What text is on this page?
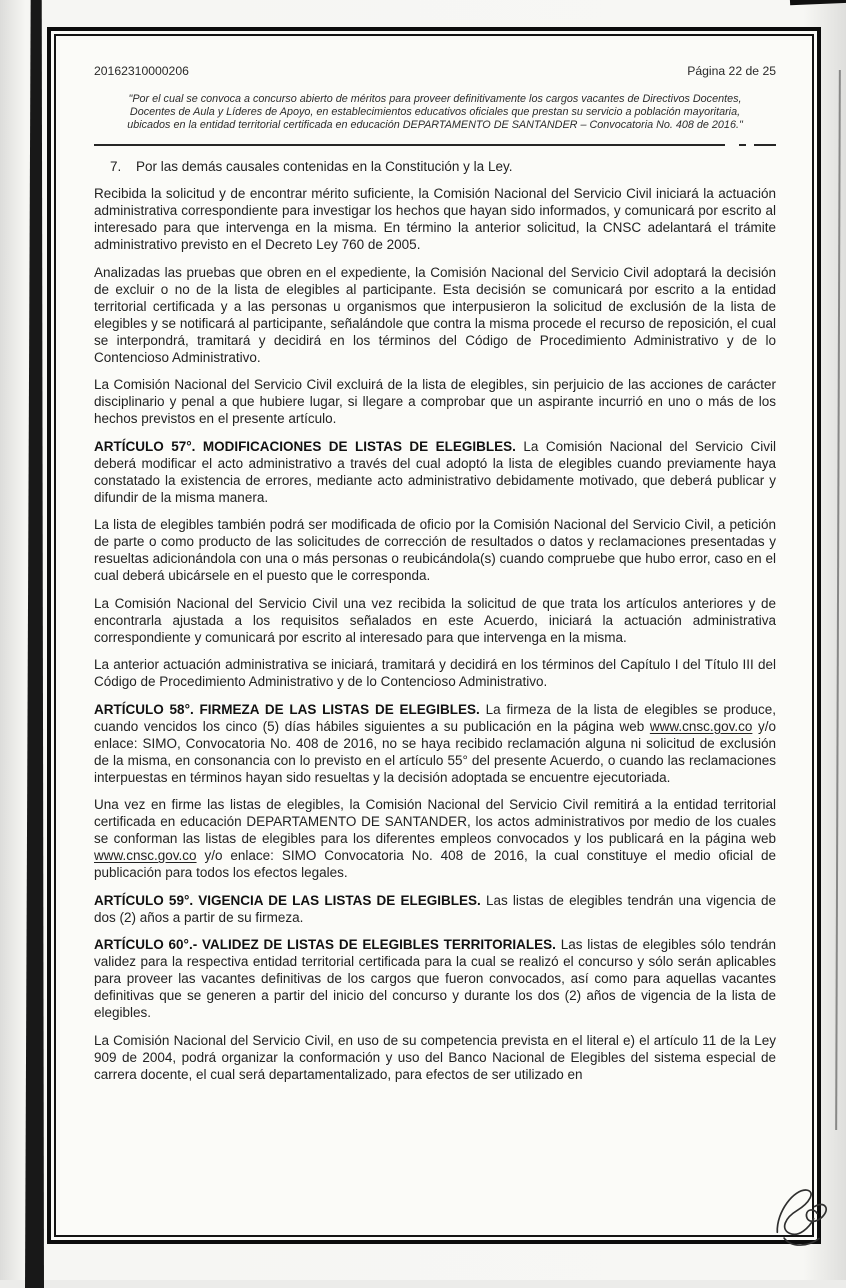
20162310000206	Página 22 de 25
"Por el cual se convoca a concurso abierto de méritos para proveer definitivamente los cargos vacantes de Directivos Docentes, Docentes de Aula y Líderes de Apoyo, en establecimientos educativos oficiales que prestan su servicio a población mayoritaria, ubicados en la entidad territorial certificada en educación DEPARTAMENTO DE SANTANDER – Convocatoria No. 408 de 2016."

7. Por las demás causales contenidas en la Constitución y la Ley.

Recibida la solicitud y de encontrar mérito suficiente, la Comisión Nacional del Servicio Civil iniciará la actuación administrativa correspondiente para investigar los hechos que hayan sido informados, y comunicará por escrito al interesado para que intervenga en la misma. En término la anterior solicitud, la CNSC adelantará el trámite administrativo previsto en el Decreto Ley 760 de 2005.

Analizadas las pruebas que obren en el expediente, la Comisión Nacional del Servicio Civil adoptará la decisión de excluir o no de la lista de elegibles al participante. Esta decisión se comunicará por escrito a la entidad territorial certificada y a las personas u organismos que interpusieron la solicitud de exclusión de la lista de elegibles y se notificará al participante, señalándole que contra la misma procede el recurso de reposición, el cual se interpondrá, tramitará y decidirá en los términos del Código de Procedimiento Administrativo y de lo Contencioso Administrativo.

La Comisión Nacional del Servicio Civil excluirá de la lista de elegibles, sin perjuicio de las acciones de carácter disciplinario y penal a que hubiere lugar, si llegare a comprobar que un aspirante incurrió en uno o más de los hechos previstos en el presente artículo.

ARTÍCULO 57°. MODIFICACIONES DE LISTAS DE ELEGIBLES. La Comisión Nacional del Servicio Civil deberá modificar el acto administrativo a través del cual adoptó la lista de elegibles cuando previamente haya constatado la existencia de errores, mediante acto administrativo debidamente motivado, que deberá publicar y difundir de la misma manera.

La lista de elegibles también podrá ser modificada de oficio por la Comisión Nacional del Servicio Civil, a petición de parte o como producto de las solicitudes de corrección de resultados o datos y reclamaciones presentadas y resueltas adicionándola con una o más personas o reubicándola(s) cuando compruebe que hubo error, caso en el cual deberá ubicársele en el puesto que le corresponda.

La Comisión Nacional del Servicio Civil una vez recibida la solicitud de que trata los artículos anteriores y de encontrarla ajustada a los requisitos señalados en este Acuerdo, iniciará la actuación administrativa correspondiente y comunicará por escrito al interesado para que intervenga en la misma.

La anterior actuación administrativa se iniciará, tramitará y decidirá en los términos del Capítulo I del Título III del Código de Procedimiento Administrativo y de lo Contencioso Administrativo.

ARTÍCULO 58°. FIRMEZA DE LAS LISTAS DE ELEGIBLES. La firmeza de la lista de elegibles se produce, cuando vencidos los cinco (5) días hábiles siguientes a su publicación en la página web www.cnsc.gov.co y/o enlace: SIMO, Convocatoria No. 408 de 2016, no se haya recibido reclamación alguna ni solicitud de exclusión de la misma, en consonancia con lo previsto en el artículo 55° del presente Acuerdo, o cuando las reclamaciones interpuestas en términos hayan sido resueltas y la decisión adoptada se encuentre ejecutoriada.

Una vez en firme las listas de elegibles, la Comisión Nacional del Servicio Civil remitirá a la entidad territorial certificada en educación DEPARTAMENTO DE SANTANDER, los actos administrativos por medio de los cuales se conforman las listas de elegibles para los diferentes empleos convocados y los publicará en la página web www.cnsc.gov.co y/o enlace: SIMO Convocatoria No. 408 de 2016, la cual constituye el medio oficial de publicación para todos los efectos legales.

ARTÍCULO 59°. VIGENCIA DE LAS LISTAS DE ELEGIBLES. Las listas de elegibles tendrán una vigencia de dos (2) años a partir de su firmeza.

ARTÍCULO 60°.- VALIDEZ DE LISTAS DE ELEGIBLES TERRITORIALES. Las listas de elegibles sólo tendrán validez para la respectiva entidad territorial certificada para la cual se realizó el concurso y sólo serán aplicables para proveer las vacantes definitivas de los cargos que fueron convocados, así como para aquellas vacantes definitivas que se generen a partir del inicio del concurso y durante los dos (2) años de vigencia de la lista de elegibles.

La Comisión Nacional del Servicio Civil, en uso de su competencia prevista en el literal e) el artículo 11 de la Ley 909 de 2004, podrá organizar la conformación y uso del Banco Nacional de Elegibles del sistema especial de carrera docente, el cual será departamentalizado, para efectos de ser utilizado en
